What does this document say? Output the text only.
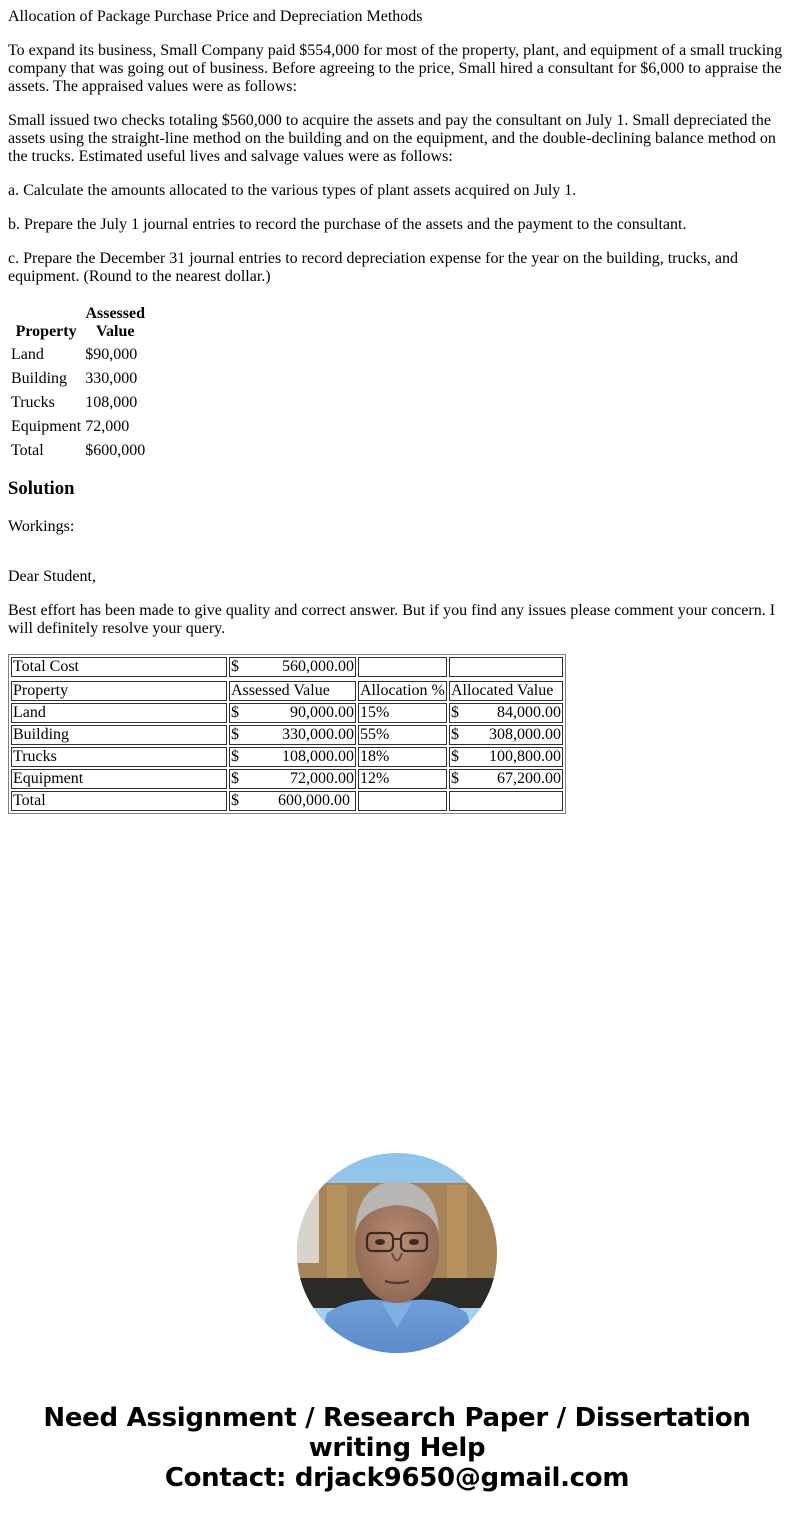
Allocation of Package Purchase Price and Depreciation Methods

To expand its business, Small Company paid $554,000 for most of the property, plant, and equipment of a small trucking company that was going out of business. Before agreeing to the price, Small hired a consultant for $6,000 to appraise the assets. The appraised values were as follows:

Small issued two checks totaling $560,000 to acquire the assets and pay the consultant on July 1. Small depreciated the assets using the straight-line method on the building and on the equipment, and the double-declining balance method on the trucks. Estimated useful lives and salvage values were as follows:

a. Calculate the amounts allocated to the various types of plant assets acquired on July 1.

b. Prepare the July 1 journal entries to record the purchase of the assets and the payment to the consultant.

c. Prepare the December 31 journal entries to record depreciation expense for the year on the building, trucks, and equipment. (Round to the nearest dollar.)

Property	Assessed Value
Land	$90,000
Building	330,000
Trucks	108,000
Equipment	72,000
Total	$600,000
Solution

Workings:

Dear Student,

Best effort has been made to give quality and correct answer. But if you find any issues please comment your concern. I will definitely resolve your query.

Total Cost	$ 560,000.00		

Property	Assessed Value	Allocation %	Allocated Value
Land	$ 90,000.00	15%	$ 84,000.00

Building	$ 330,000.00	55%	$ 308,000.00

Trucks	$ 108,000.00	18%	$ 100,800.00

Equipment	$ 72,000.00	12%	$ 67,200.00

Total	$ 600,000.00		

Need Assignment / Research Paper / Dissertation
writing Help
Contact: drjack9650@gmail.com
